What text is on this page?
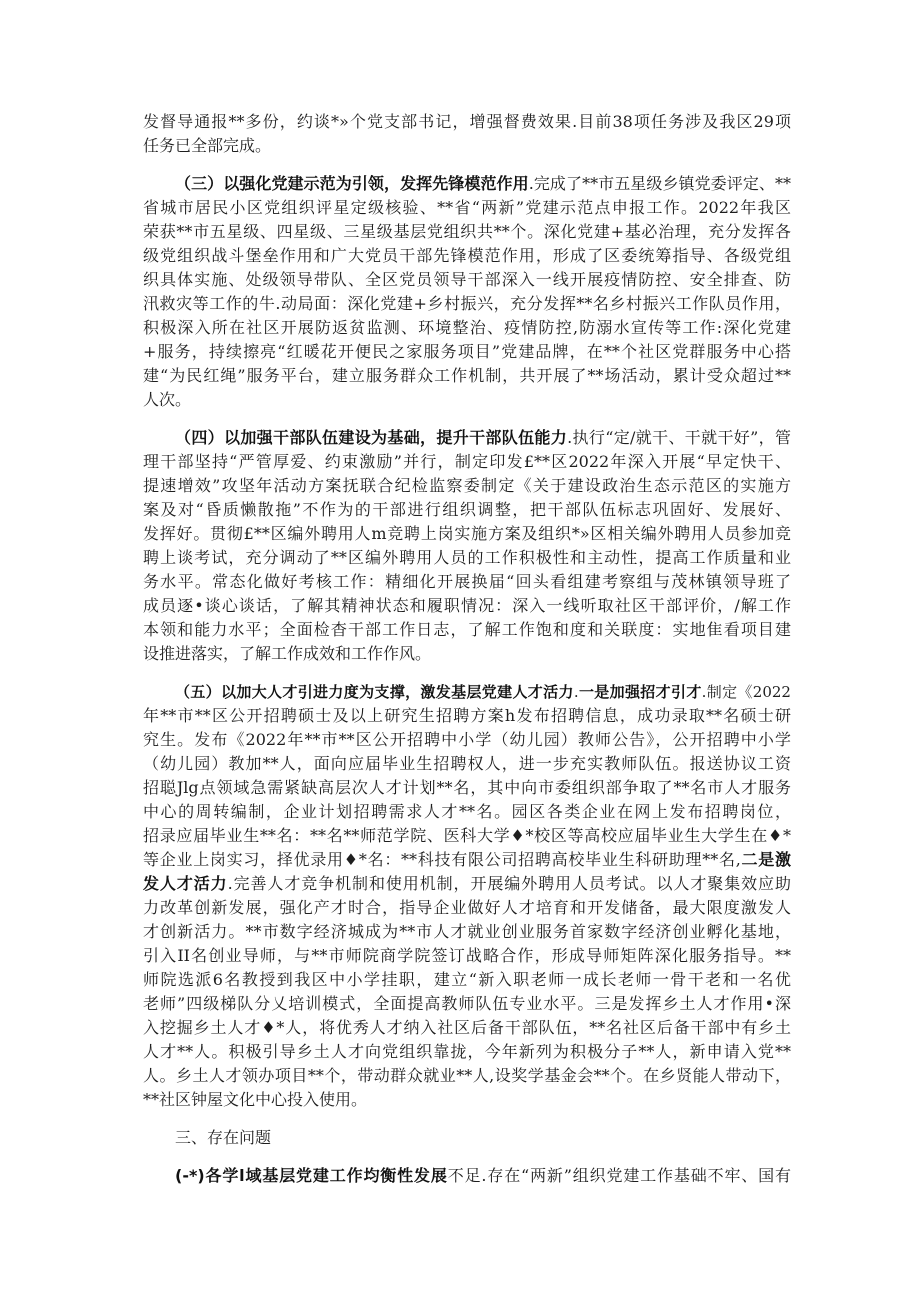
发督导通报**多份，约谈*»个党支部书记，增强督费效果.目前38项任务涉及我区29项
任务已全部完成。
（三）以强化党建示范为引领，发挥先锋模范作用.完成了**市五星级乡镇党委评定、**
省城市居民小区党组织评星定级核验、**省“两新”党建示范点申报工作。2022年我区
荣获**市五星级、四星级、三星级基层党组织共**个。深化党建+基必治理，充分发挥各
级党组织战斗堡垒作用和广大党员干部先锋模范作用，形成了区委统筹指导、各级党组
织具体实施、处级领导带队、全区党员领导干部深入一线开展疫情防控、安全排查、防
汛救灾等工作的牛.动局面：深化党建+乡村振兴，充分发挥**名乡村振兴工作队员作用，
积极深入所在社区开展防返贫监测、环境整治、疫情防控,防溺水宣传等工作:深化党建
+服务，持续擦亮“红暖花开便民之家服务项目”党建品牌，在**个社区党群服务中心搭
建“为民红绳”服务平台，建立服务群众工作机制，共开展了**场活动，累计受众超过**
人次。
（四）以加强干部队伍建设为基础，提升干部队伍能力.执行“定/就干、干就干好”，管
理干部坚持“严管厚爱、约束激励”并行，制定印发£**区2022年深入开展“早定快干、
提速增效”攻坚年活动方案抚联合纪检监察委制定《关于建设政治生态示范区的实施方
案及对“昏质懒散拖”不作为的干部进行组织调整，把干部队伍标志巩固好、发展好、
发挥好。贯彻£**区编外聘用人m竞聘上岗实施方案及组织*»区相关编外聘用人员参加竞
聘上谈考试，充分调动了**区编外聘用人员的工作积极性和主动性，提高工作质量和业
务水平。常态化做好考核工作：精细化开展换届“回头看组建考察组与茂林镇领导班了
成员逐•谈心谈话，了解其精神状态和履职情况：深入一线听取社区干部评价，/解工作
本领和能力水平；全面检杳干部工作日志，了解工作饱和度和关联度：实地隹看项目建
设推进落实，了解工作成效和工作作风。
（五）以加大人才引进力度为支撑，激发基层党建人才活力.一是加强招才引才.制定《2022
年**市**区公开招聘硕士及以上研究生招聘方案h发布招聘信息，成功录取**名硕士研
究生。发布《2022年**市**区公开招聘中小学（幼儿园）教师公告》，公开招聘中小学
（幼儿园）教加**人，面向应届毕业生招聘权人，进一步充实教师队伍。报送协议工资
招聪Jlg点领域急需紧缺高层次人才计划**名，其中向市委组织部争取了**名市人才服务
中心的周转编制，企业计划招聘需求人才**名。园区各类企业在网上发布招聘岗位，
招录应届毕业生**名：**名**师范学院、医科大学♦*校区等高校应届毕业生大学生在♦*
等企业上岗实习，择优录用♦*名：**科技有限公司招聘高校毕业生科研助理**名,二是激
发人才活力.完善人才竞争机制和使用机制，开展编外聘用人员考试。以人才聚集效应助
力改革创新发展，强化产才时合，指导企业做好人才培育和开发储备，最大限度激发人
才创新活力。**市数字经济城成为**市人才就业创业服务首家数字经济创业孵化基地，
引入II名创业导师，与**市师院商学院签订战略合作，形成导师矩阵深化服务指导。**
师院选派6名教授到我区中小学挂职，建立“新入职老师一成长老师一骨干老和一名优
老师”四级梯队分乂培训模式，全面提高教师队伍专业水平。三是发挥乡土人才作用•深
入挖掘乡土人才♦*人，将优秀人才纳入社区后备干部队伍，**名社区后备干部中有乡土
人才**人。积极引导乡土人才向党组织靠拢，今年新列为积极分子**人，新申请入党**
人。乡土人才领办项目**个，带动群众就业**人,设奖学基金会**个。在乡贤能人带动下，
**社区钟屋文化中心投入使用。
三、存在问题
(-*)各学l域基层党建工作均衡性发展不足.存在“两新”组织党建工作基础不牢、国有
